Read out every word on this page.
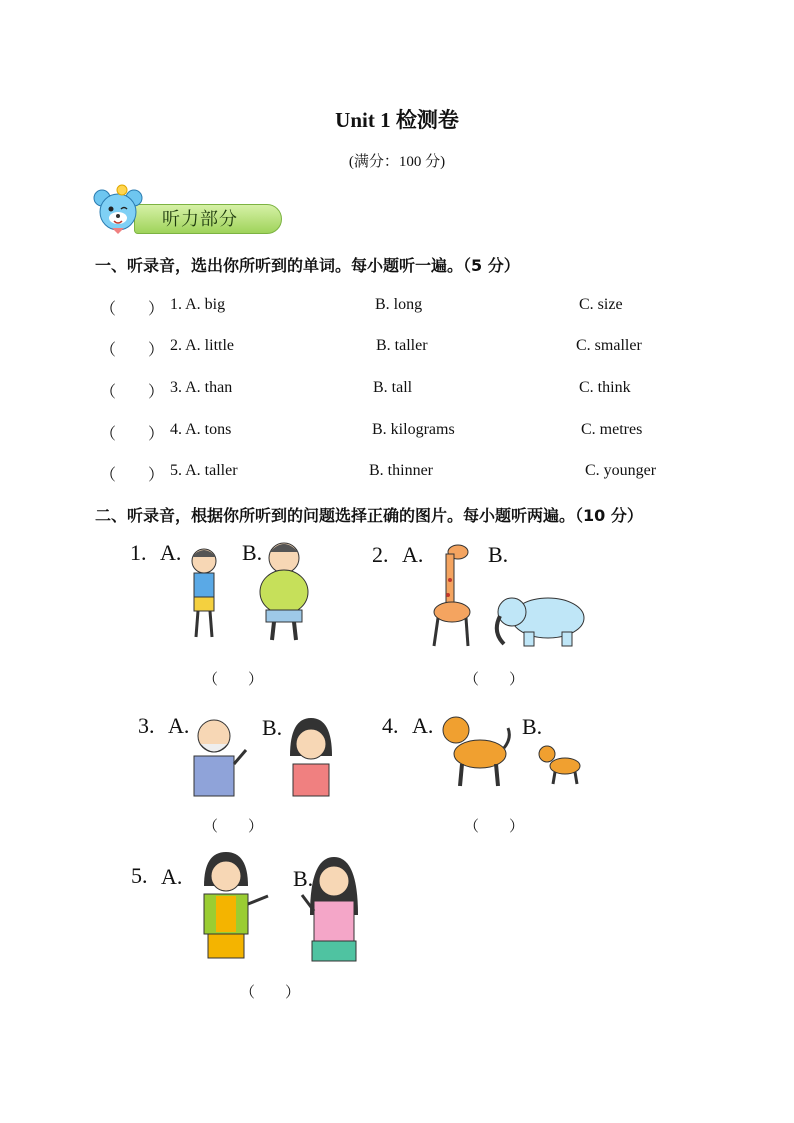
Unit 1 检测卷
(满分：100 分)
听力部分
一、听录音，选出你所听到的单词。每小题听一遍。（5 分）
（　　） 1. A. big	B. long	C. size
（　　） 2. A. little	B. taller	C. smaller
（　　） 3. A. than	B. tall	C. think
（　　） 4. A. tons	B. kilograms	C. metres
（　　） 5. A. taller	B. thinner	C. younger
二、听录音，根据你所听到的问题选择正确的图片。每小题听两遍。（10 分）
1. A.	B.
（　　）
2. A.	B.
（　　）
3. A.	B.
（　　）
4. A.	B.
（　　）
5. A.	B.
（　　）
